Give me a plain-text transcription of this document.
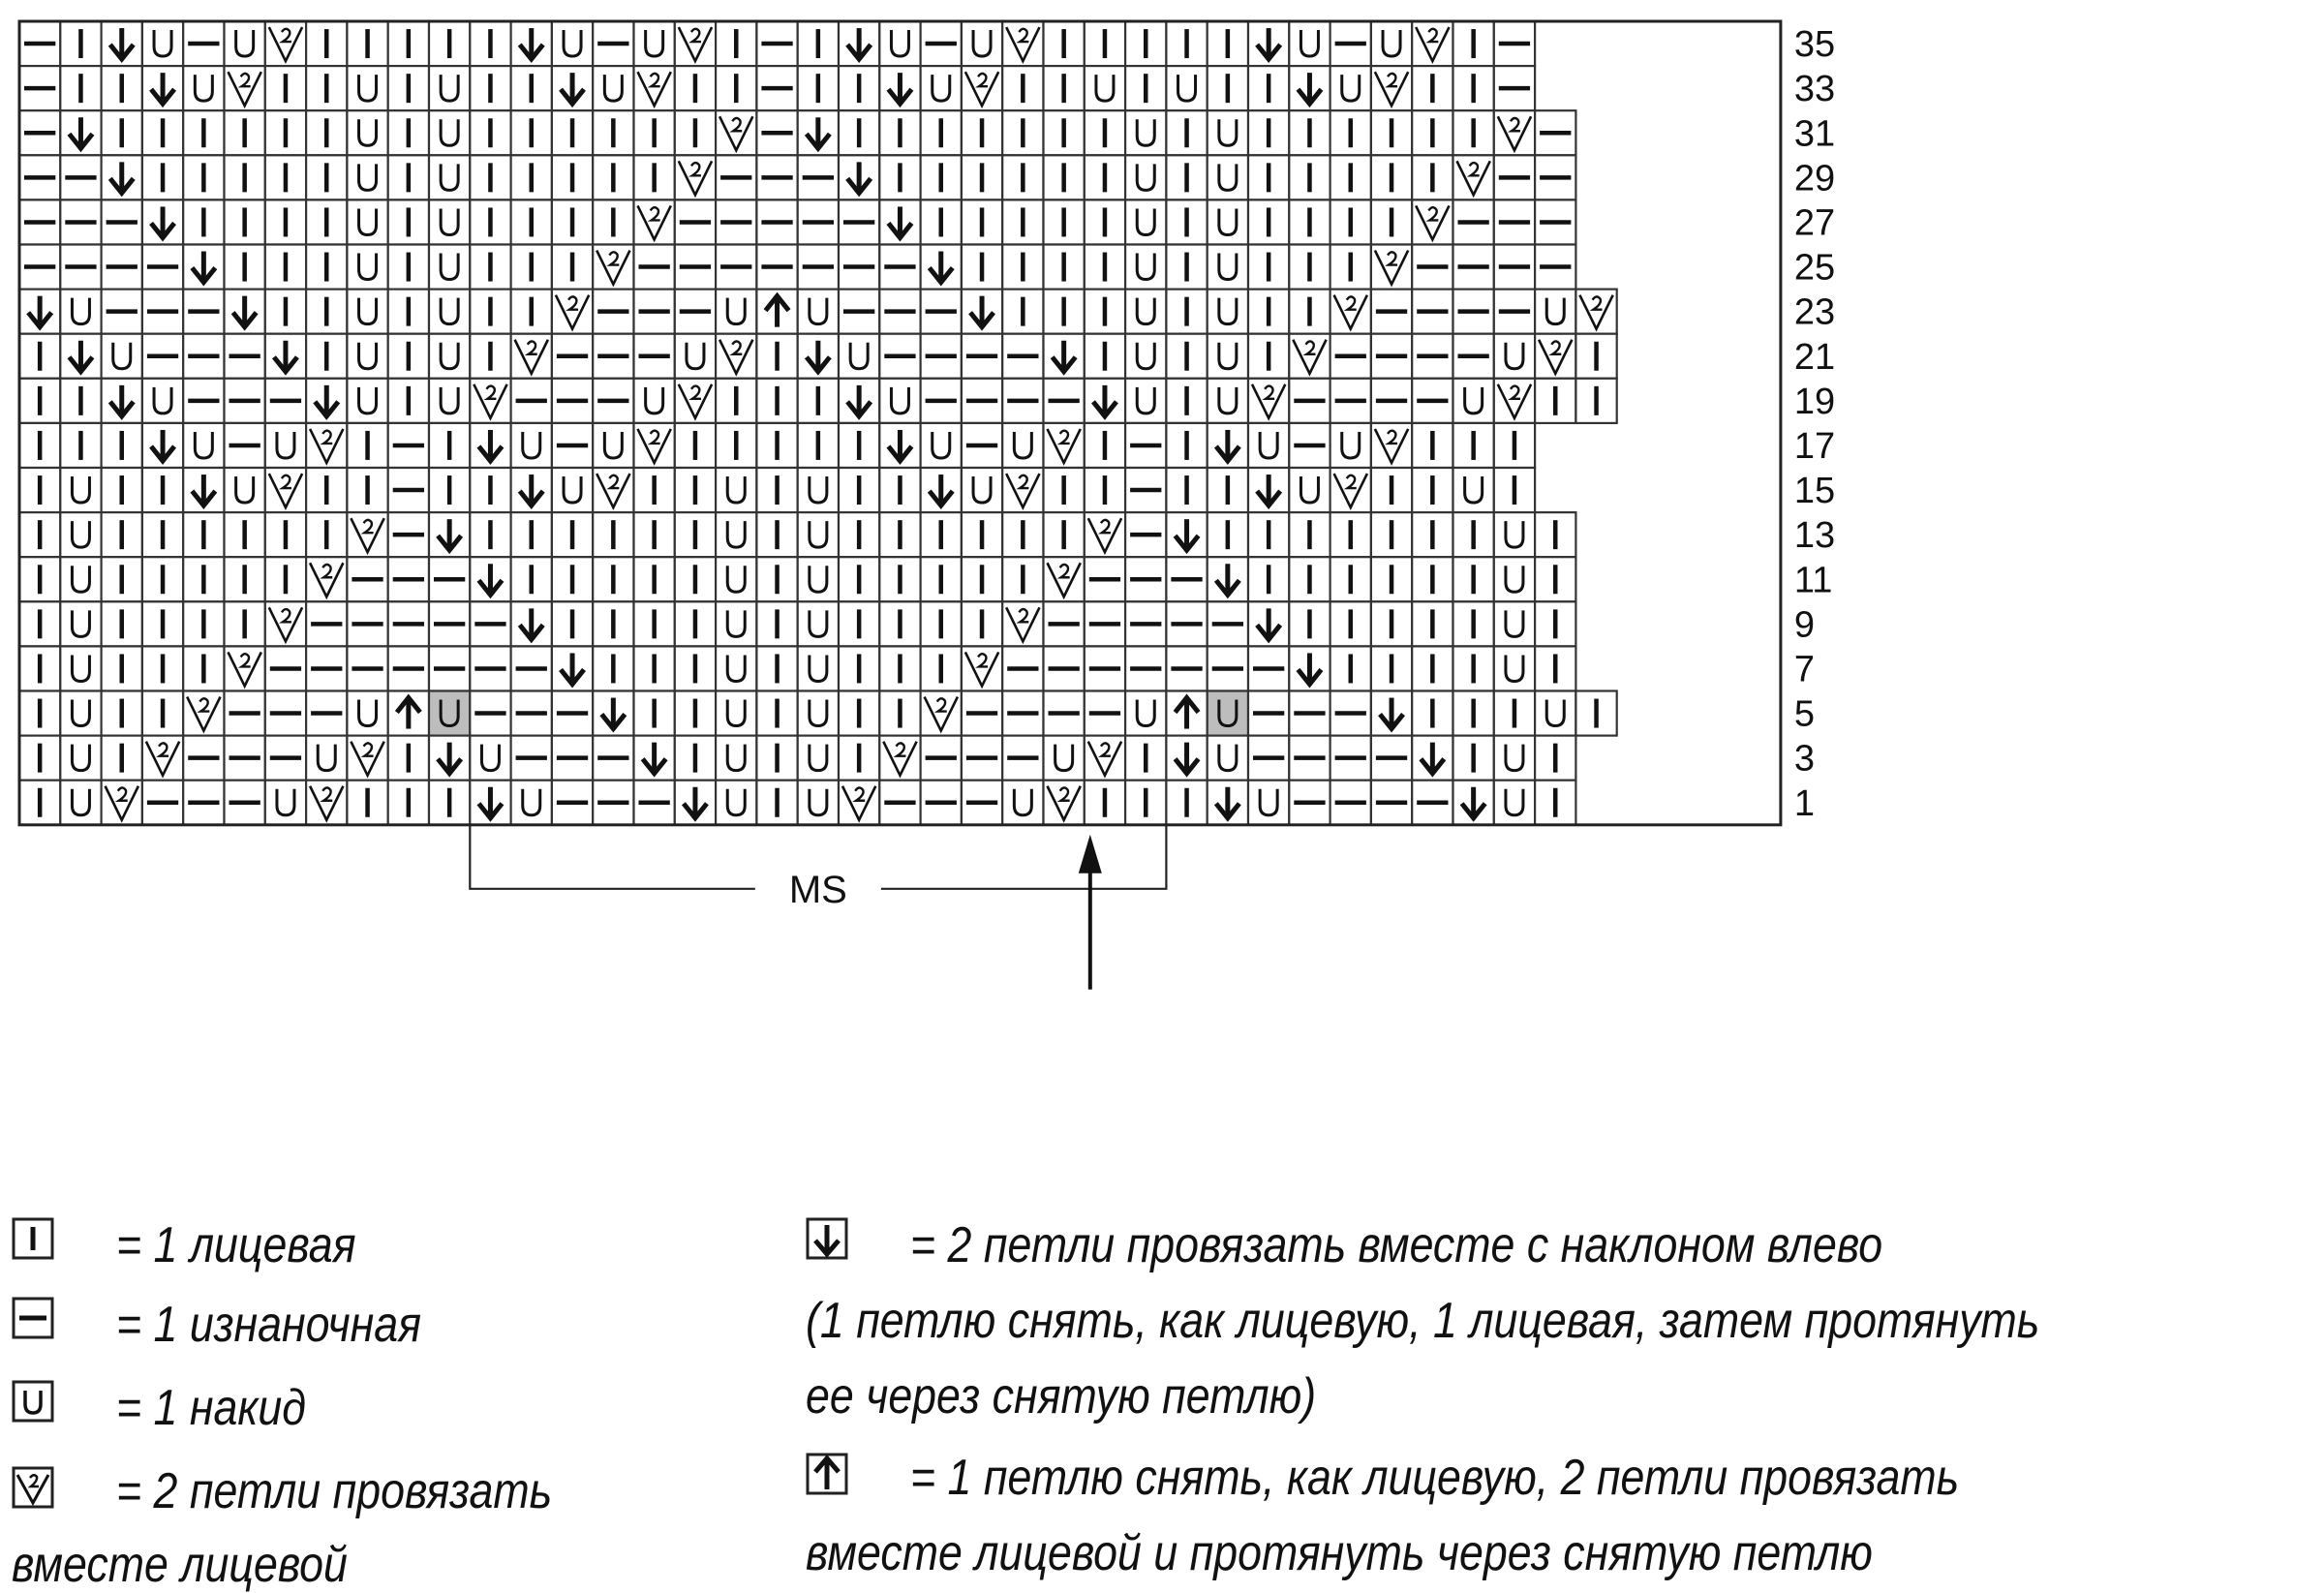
35
33
31
29
27
25
23
21
19
17
15
13
11
9
7
5
3
1
MS
= 1 лицевая
= 1 изнаночная
= 1 накид
= 2 петли провязать
вместе лицевой
= 2 петли провязать вместе с наклоном влево
(1 петлю снять, как лицевую, 1 лицевая, затем протянуть
ее через снятую петлю)
= 1 петлю снять, как лицевую, 2 петли провязать
вместе лицевой и протянуть через снятую петлю
